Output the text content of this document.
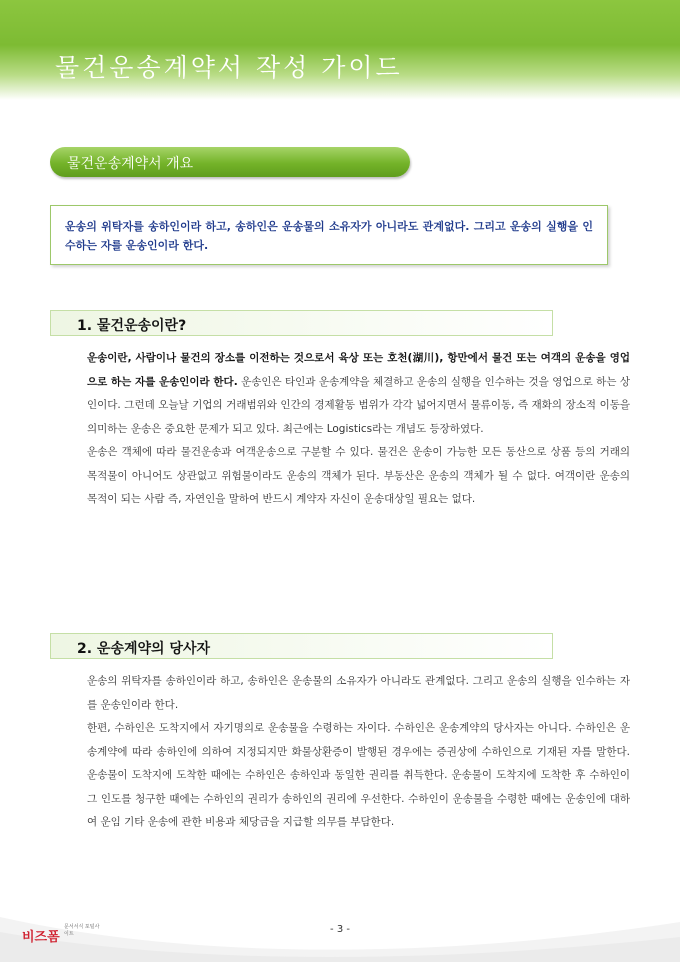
물건운송계약서 작성 가이드
물건운송계약서 개요

운송의 위탁자를 송하인이라 하고, 송하인은 운송물의 소유자가 아니라도 관계없다. 그리고 운송의 실행을 인수하는 자를 운송인이라 한다.

1. 물건운송이란?

운송이란, 사람이나 물건의 장소를 이전하는 것으로서 육상 또는 호천(湖川), 항만에서 물건 또는 여객의 운송을 영업으로 하는 자를 운송인이라 한다. 운송인은 타인과 운송계약을 체결하고 운송의 실행을 인수하는 것을 영업으로 하는 상인이다. 그런데 오늘날 기업의 거래범위와 인간의 경제활동 범위가 각각 넓어지면서 물류이동, 즉 재화의 장소적 이동을 의미하는 운송은 중요한 문제가 되고 있다. 최근에는 Logistics라는 개념도 등장하였다.

운송은 객체에 따라 물건운송과 여객운송으로 구분할 수 있다. 물건은 운송이 가능한 모든 동산으로 상품 등의 거래의 목적물이 아니어도 상관없고 위험물이라도 운송의 객체가 된다. 부동산은 운송의 객체가 될 수 없다. 여객이란 운송의 목적이 되는 사람 즉, 자연인을 말하여 반드시 계약자 자신이 운송대상일 필요는 없다.

2. 운송계약의 당사자

운송의 위탁자를 송하인이라 하고, 송하인은 운송물의 소유자가 아니라도 관계없다. 그리고 운송의 실행을 인수하는 자를 운송인이라 한다.

한편, 수하인은 도착지에서 자기명의로 운송물을 수령하는 자이다. 수하인은 운송계약의 당사자는 아니다. 수하인은 운송계약에 따라 송하인에 의하여 지정되지만 화물상환증이 발행된 경우에는 증권상에 수하인으로 기재된 자를 말한다. 운송물이 도착지에 도착한 때에는 수하인은 송하인과 동일한 권리를 취득한다. 운송물이 도착지에 도착한 후 수하인이 그 인도를 청구한 때에는 수하인의 권리가 송하인의 권리에 우선한다. 수하인이 운송물을 수령한 때에는 운송인에 대하여 운임 기타 운송에 관한 비용과 체당금을 지급할 의무를 부담한다.

- 3 -
비즈폼
문서서식 포털사이트
